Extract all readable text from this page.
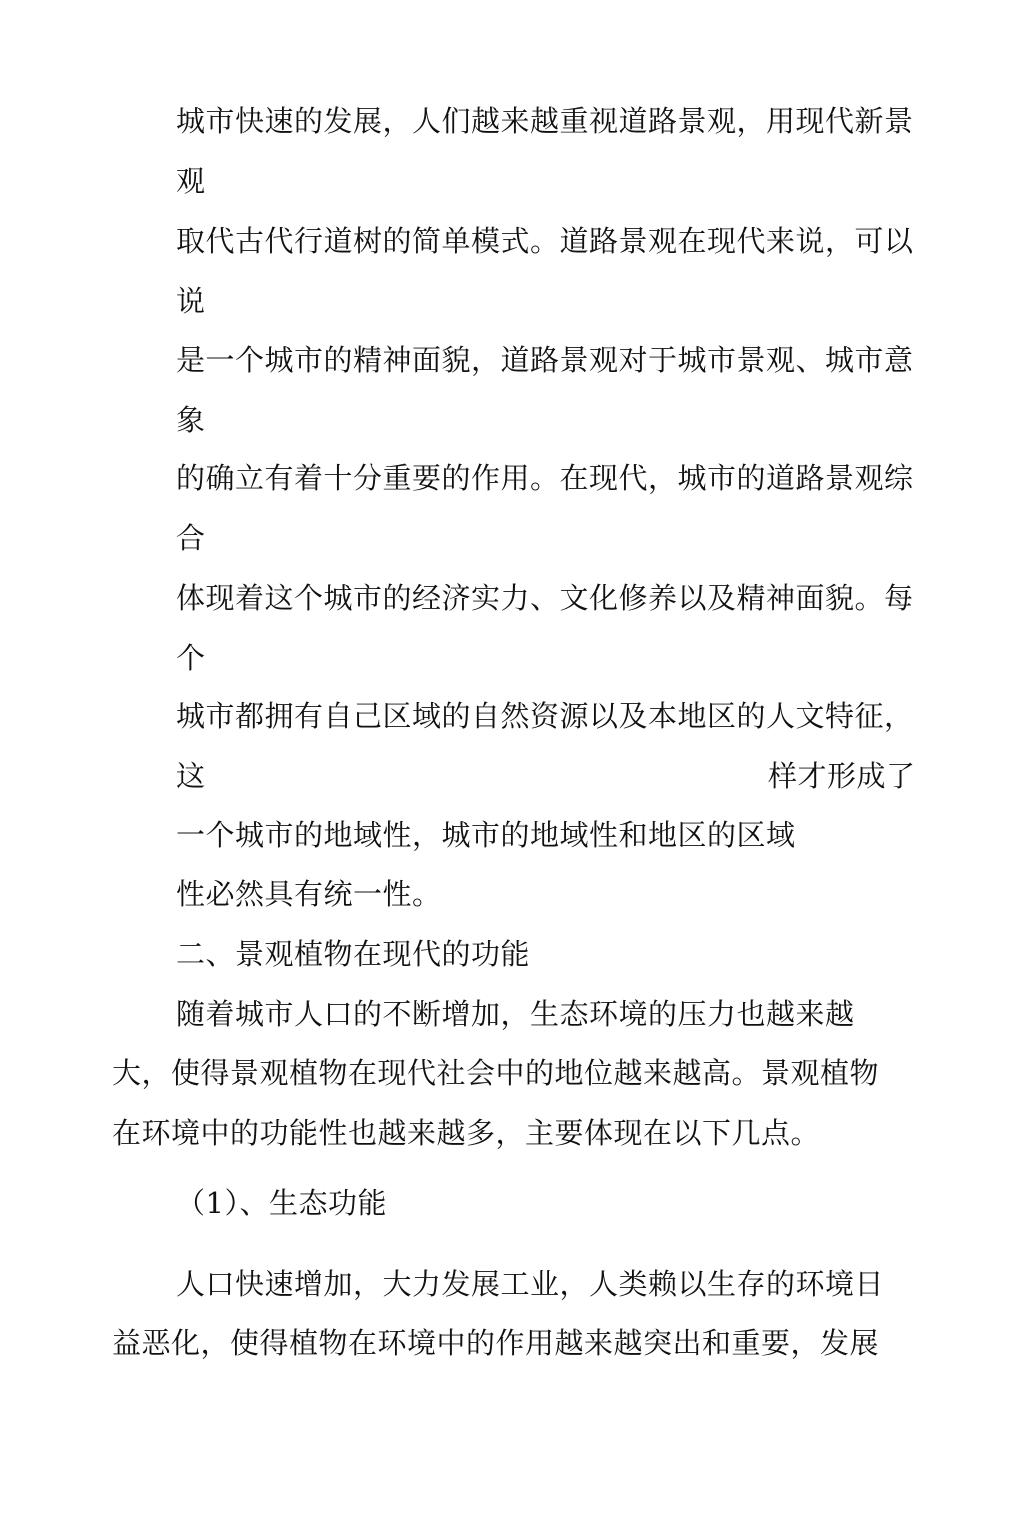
城市快速的发展，人们越来越重视道路景观，用现代新景
观
取代古代行道树的简单模式。道路景观在现代来说，可以
说
是一个城市的精神面貌，道路景观对于城市景观、城市意
象
的确立有着十分重要的作用。在现代，城市的道路景观综
合
体现着这个城市的经济实力、文化修养以及精神面貌。每
个
城市都拥有自己区域的自然资源以及本地区的人文特征，
这	样才形成了
一个城市的地域性，城市的地域性和地区的区域
性必然具有统一性。
二、景观植物在现代的功能
随着城市人口的不断增加，生态环境的压力也越来越
大，使得景观植物在现代社会中的地位越来越高。景观植物
在环境中的功能性也越来越多，主要体现在以下几点。
（1）、生态功能
人口快速增加，大力发展工业，人类赖以生存的环境日
益恶化，使得植物在环境中的作用越来越突出和重要，发展
